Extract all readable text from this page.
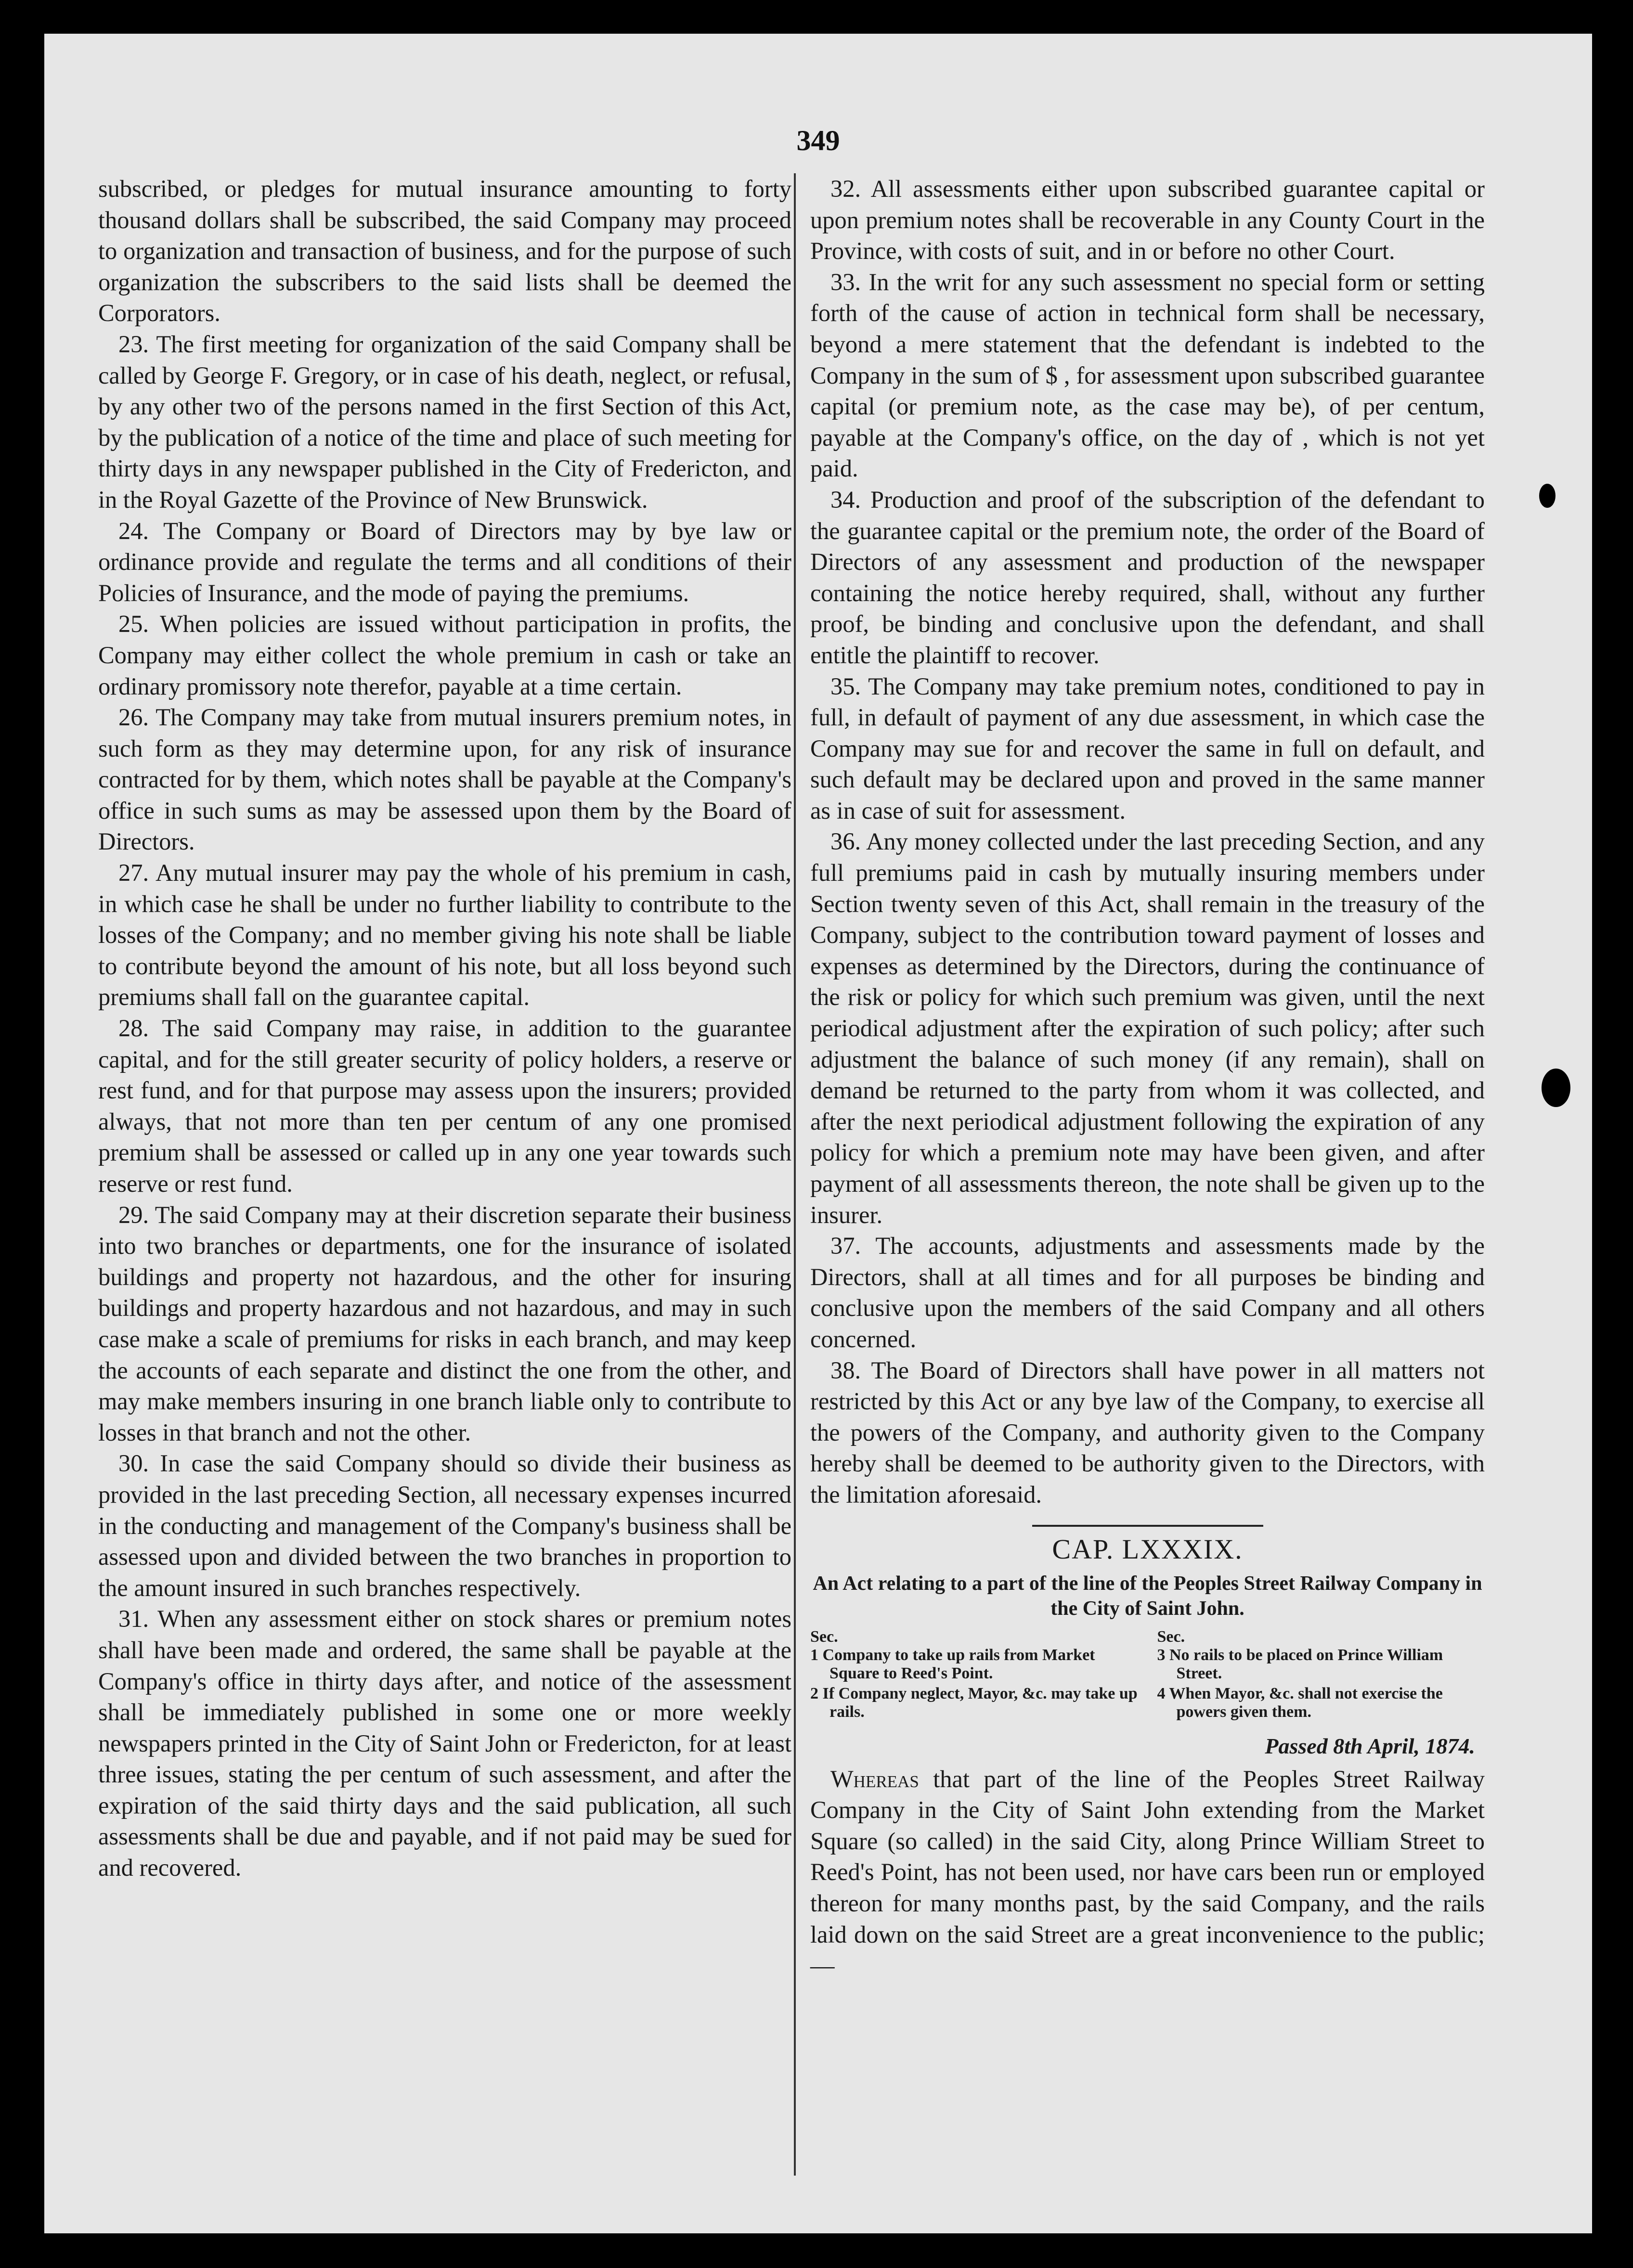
349

subscribed, or pledges for mutual insurance amounting to forty thousand dollars shall be subscribed, the said Company may proceed to organization and transaction of business, and for the purpose of such organization the subscribers to the said lists shall be deemed the Corporators.

23. The first meeting for organization of the said Company shall be called by George F. Gregory, or in case of his death, neglect, or refusal, by any other two of the persons named in the first Section of this Act, by the publication of a notice of the time and place of such meeting for thirty days in any newspaper published in the City of Fredericton, and in the Royal Gazette of the Province of New Brunswick.

24. The Company or Board of Directors may by bye law or ordinance provide and regulate the terms and all conditions of their Policies of Insurance, and the mode of paying the premiums.

25. When policies are issued without participation in profits, the Company may either collect the whole premium in cash or take an ordinary promissory note therefor, payable at a time certain.

26. The Company may take from mutual insurers premium notes, in such form as they may determine upon, for any risk of insurance contracted for by them, which notes shall be payable at the Company's office in such sums as may be assessed upon them by the Board of Directors.

27. Any mutual insurer may pay the whole of his premium in cash, in which case he shall be under no further liability to contribute to the losses of the Company; and no member giving his note shall be liable to contribute beyond the amount of his note, but all loss beyond such premiums shall fall on the guarantee capital.

28. The said Company may raise, in addition to the guarantee capital, and for the still greater security of policy holders, a reserve or rest fund, and for that purpose may assess upon the insurers; provided always, that not more than ten per centum of any one promised premium shall be assessed or called up in any one year towards such reserve or rest fund.

29. The said Company may at their discretion separate their business into two branches or departments, one for the insurance of isolated buildings and property not hazardous, and the other for insuring buildings and property hazardous and not hazardous, and may in such case make a scale of premiums for risks in each branch, and may keep the accounts of each separate and distinct the one from the other, and may make members insuring in one branch liable only to contribute to losses in that branch and not the other.

30. In case the said Company should so divide their business as provided in the last preceding Section, all necessary expenses incurred in the conducting and management of the Company's business shall be assessed upon and divided between the two branches in proportion to the amount insured in such branches respectively.

31. When any assessment either on stock shares or premium notes shall have been made and ordered, the same shall be payable at the Company's office in thirty days after, and notice of the assessment shall be immediately published in some one or more weekly newspapers printed in the City of Saint John or Fredericton, for at least three issues, stating the per centum of such assessment, and after the expiration of the said thirty days and the said publication, all such assessments shall be due and payable, and if not paid may be sued for and recovered.

32. All assessments either upon subscribed guarantee capital or upon premium notes shall be recoverable in any County Court in the Province, with costs of suit, and in or before no other Court.

33. In the writ for any such assessment no special form or setting forth of the cause of action in technical form shall be necessary, beyond a mere statement that the defendant is indebted to the Company in the sum of $ , for assessment upon subscribed guarantee capital (or premium note, as the case may be), of per centum, payable at the Company's office, on the day of , which is not yet paid.

34. Production and proof of the subscription of the defendant to the guarantee capital or the premium note, the order of the Board of Directors of any assessment and production of the newspaper containing the notice hereby required, shall, without any further proof, be binding and conclusive upon the defendant, and shall entitle the plaintiff to recover.

35. The Company may take premium notes, conditioned to pay in full, in default of payment of any due assessment, in which case the Company may sue for and recover the same in full on default, and such default may be declared upon and proved in the same manner as in case of suit for assessment.

36. Any money collected under the last preceding Section, and any full premiums paid in cash by mutually insuring members under Section twenty seven of this Act, shall remain in the treasury of the Company, subject to the contribution toward payment of losses and expenses as determined by the Directors, during the continuance of the risk or policy for which such premium was given, until the next periodical adjustment after the expiration of such policy; after such adjustment the balance of such money (if any remain), shall on demand be returned to the party from whom it was collected, and after the next periodical adjustment following the expiration of any policy for which a premium note may have been given, and after payment of all assessments thereon, the note shall be given up to the insurer.

37. The accounts, adjustments and assessments made by the Directors, shall at all times and for all purposes be binding and conclusive upon the members of the said Company and all others concerned.

38. The Board of Directors shall have power in all matters not restricted by this Act or any bye law of the Company, to exercise all the powers of the Company, and authority given to the Company hereby shall be deemed to be authority given to the Directors, with the limitation aforesaid.

CAP. LXXXIX.
An Act relating to a part of the line of the Peoples Street Railway Company in the City of Saint John.
Sec.	Sec.
1 Company to take up rails from Market Square to Reed's Point.
3 No rails to be placed on Prince William Street.
2 If Company neglect, Mayor, &c. may take up rails.
4 When Mayor, &c. shall not exercise the powers given them.
Passed 8th April, 1874.

Whereas that part of the line of the Peoples Street Railway Company in the City of Saint John extending from the Market Square (so called) in the said City, along Prince William Street to Reed's Point, has not been used, nor have cars been run or employed thereon for many months past, by the said Company, and the rails laid down on the said Street are a great inconvenience to the public;—
